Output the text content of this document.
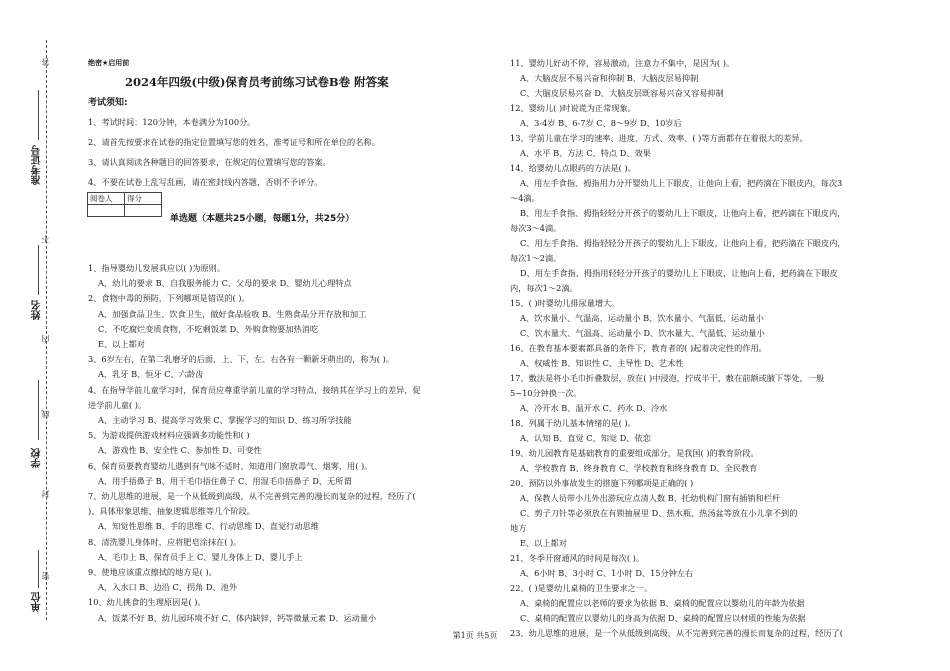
答
不
内
线
封
密
准考证号
姓名
学校
单位
绝密★启用前
2024年四级(中级)保育员考前练习试卷B卷 附答案
考试须知:
1、考试时间：120分钟，本卷满分为100分。
2、请首先按要求在试卷的指定位置填写您的姓名、准考证号和所在单位的名称。
3、请认真阅读各种题目的回答要求，在规定的位置填写您的答案。
4、不要在试卷上乱写乱画，请在密封线内答题，否则不予评分。
阅卷人	得分

单选题（本题共25小题，每题1分，共25分）
1、指导婴幼儿发展具应以( )为原则。
A、幼儿的要求 B、自我服务能力 C、父母的要求 D、婴幼儿心理特点
2、食物中毒的预防，下列哪项是错误的( )。
A、加强食品卫生、饮食卫生，做好食品验收 B、生熟食品分开存放和加工
C、不吃腐烂变质食物，不吃剩饭菜 D、外购食物要加热消吃
E、以上都对
3、6岁左右，在第二乳磨牙的后面，上、下、左、右各有一颗新牙萌出的，称为( )。
A、乳牙 B、恒牙 C、六龄齿
4、在指导学前儿童学习时，保育员应尊重学前儿童的学习特点，接纳其在学习上的差异，促
进学前儿童( )。
A、主动学习 B、提高学习效果 C、掌握学习的知识 D、练习所学技能
5、为游戏提供游戏材料应强调多功能性和( )
A、游戏性 B、安全性 C、参加性 D、可变性
6、保育员要教育婴幼儿遇到有气味不适时，知道用门窗放毒气、烟雾，用( )。
A、用手捂鼻子 B、用干毛巾捂住鼻子 C、用湿毛巾捂鼻子 D、无所谓
7、幼儿思维的进展，是一个从低级到高级，从不完善到完善的漫长而复杂的过程，经历了(
)、具体形象思维、抽象逻辑思维等几个阶段。
A、知觉性思维 B、手的思维 C、行动思维 D、直觉行动思维
8、清洗婴儿身体时，应将肥皂涂抹在( )。
A、毛巾上 B、保育员手上 C、婴儿身体上 D、婴儿手上
9、使地应该重点擦拭的地方是( )。
A、入水口 B、边沿 C、拐角 D、池外
10、幼儿挑食的生理原因是( )。
A、饭菜不好 B、幼儿园环境不好 C、体内缺锌、钙等微量元素 D、运动量小
11、婴幼儿好动不停，容易激动，注意力不集中，是因为( )。
A、大脑皮层不易兴奋和抑制 B、大脑皮层易抑制
C、大脑皮层易兴奋 D、大脑皮层既容易兴奋又容易抑制
12、婴幼儿( )时说谎为正常现象。
A、3-4岁 B、6-7岁 C、8～9岁 D、10岁后
13、学前儿童在学习的速率、进度、方式、效率、( )等方面都存在着很大的差异。
A、水平 B、方法 C、特点 D、效果
14、给婴幼儿点眼药的方法是( )。
A、用左手食指、拇指用力分开婴幼儿上下眼皮，让他向上看，把药滴在下眼皮内，每次3
～4滴。
B、用左手食指、拇指轻轻分开孩子的婴幼儿上下眼皮，让他向上看，把药滴在下眼皮内，
每次3～4滴。
C、用左手食指、拇指轻轻分开孩子的婴幼儿上下眼皮，让他向上看，把药滴在下眼皮内，
每次1～2滴。
D、用左手食指、拇指用轻轻分开孩子的婴幼儿上下眼皮，让他向上看，把药滴在下眼皮
内，每次1～2滴。
15、( )时婴幼儿排尿量增大。
A、饮水量小、气温高、运动量小 B、饮水量小、气温低、运动量小
C、饮水量大、气温高、运动量小 D、饮水量大、气温低、运动量小
16、在教育基本要素都具备的条件下，教育者的( )起着决定性的作用。
A、权威性 B、知识性 C、主导性 D、艺术性
17、敷法是将小毛巾折叠数层，放在( )中浸泡，拧成半干，敷在前额或腋下等处，一般
5~10分钟换一次。
A、冷开水 B、温开水 C、药水 D、冷水
18、列属于幼儿基本情绪的是( )。
A、认知 B、直觉 C、知觉 D、依恋
19、幼儿园教育是基础教育的重要组成部分，是我国( )的教育阶段。
A、学校教育 B、终身教育 C、学校教育和终身教育 D、全民教育
20、预防以外事故发生的措施下列哪项是正确的( )
A、保教人员带小儿外出游玩应点清人数 B、托幼机构门窗有插销和栏杆
C、剪子刀针等必须放在有锁抽屉里 D、热水瓶、热汤盆等放在小儿拿不到的
地方
E、以上都对
21、冬季开窗通风的时间是每次( )。
A、6小时 B、3小时 C、1小时 D、15分钟左右
22、( )是婴幼儿桌椅的卫生要求之一。
A、桌椅的配置应以老师的要求为依据 B、桌椅的配置应以婴幼儿的年龄为依据
C、桌椅的配置应以婴幼儿的身高为依据 D、桌椅的配置应以材质的性能为依据
23、幼儿思维的进展，是一个从低级到高级，从不完善到完善的漫长而复杂的过程，经历了(
第1页 共5页
